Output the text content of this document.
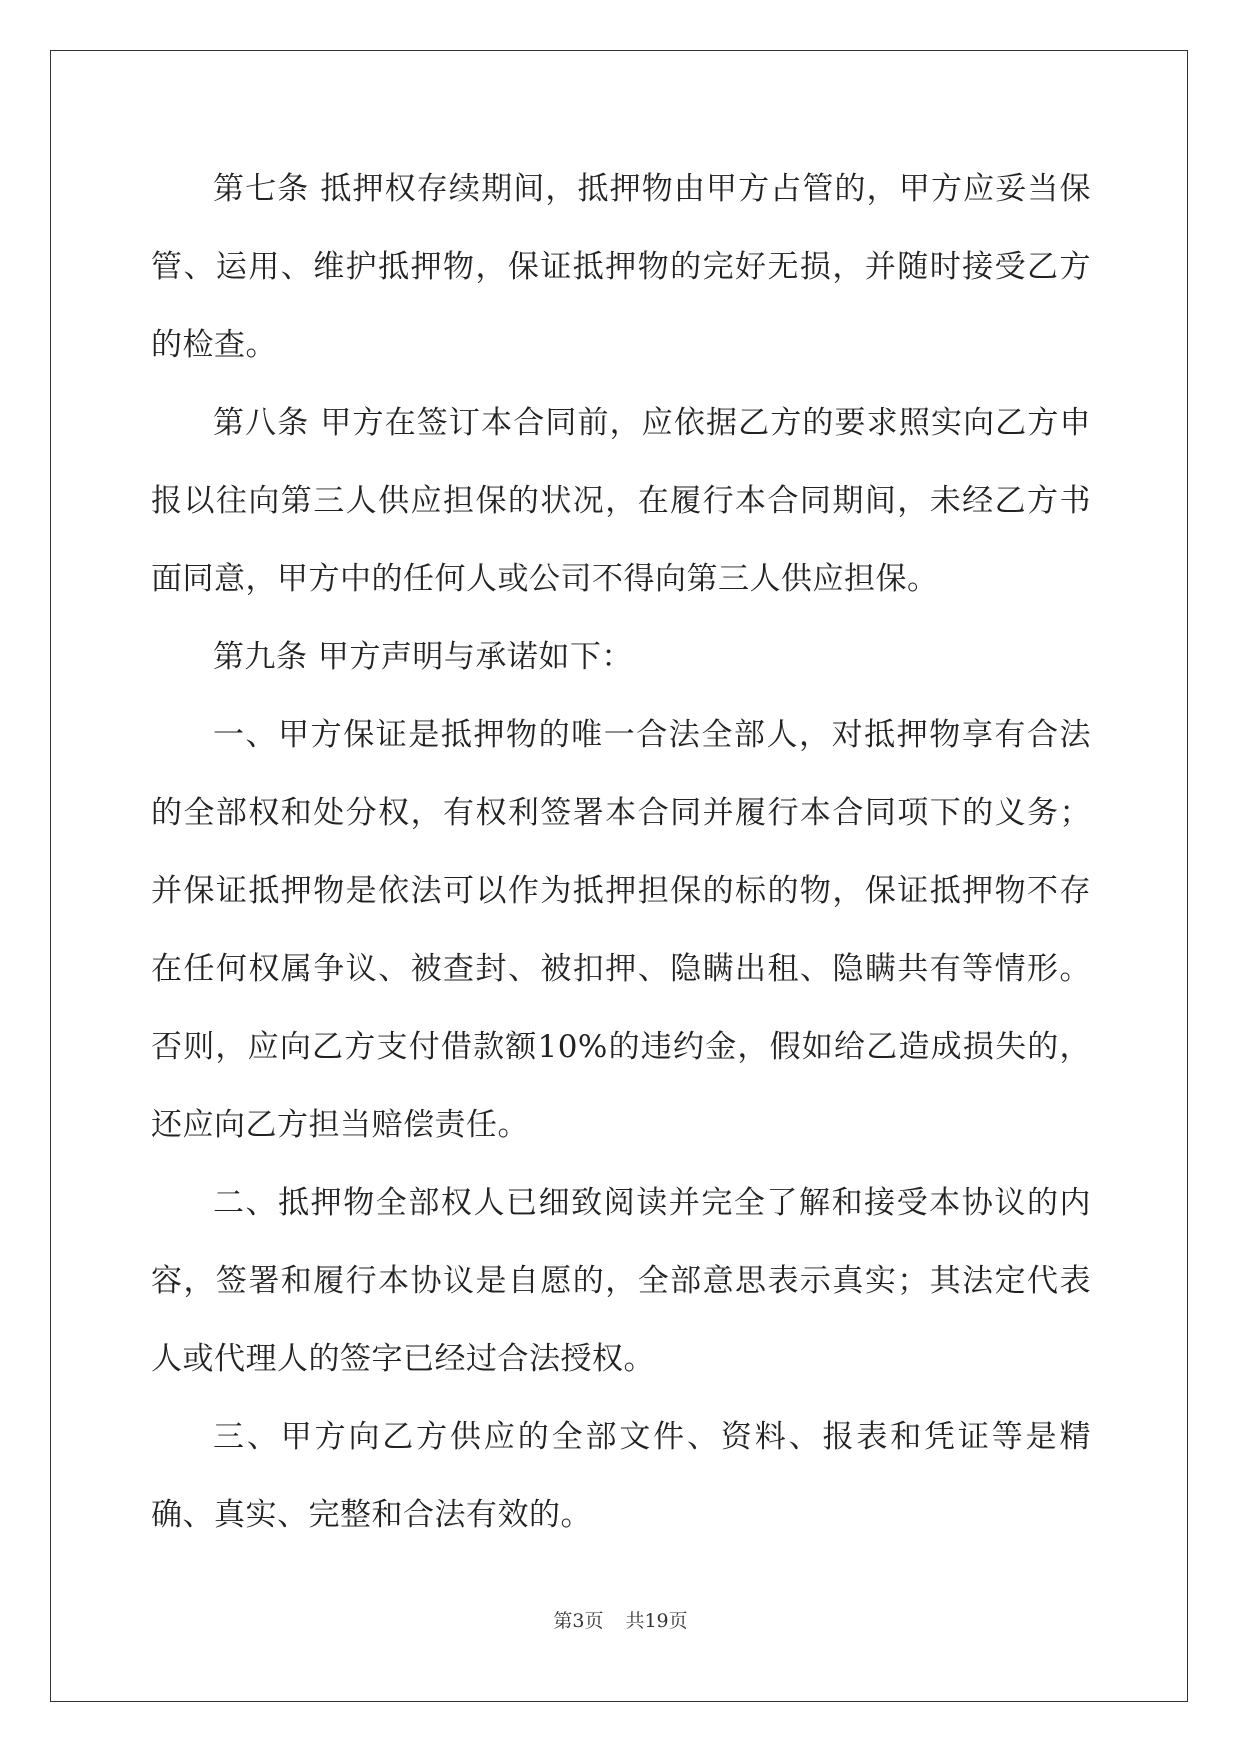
第七条 抵押权存续期间，抵押物由甲方占管的，甲方应妥当保管、运用、维护抵押物，保证抵押物的完好无损，并随时接受乙方的检查。

第八条 甲方在签订本合同前，应依据乙方的要求照实向乙方申报以往向第三人供应担保的状况，在履行本合同期间，未经乙方书面同意，甲方中的任何人或公司不得向第三人供应担保。

第九条 甲方声明与承诺如下：

一、甲方保证是抵押物的唯一合法全部人，对抵押物享有合法的全部权和处分权，有权利签署本合同并履行本合同项下的义务；并保证抵押物是依法可以作为抵押担保的标的物，保证抵押物不存在任何权属争议、被查封、被扣押、隐瞒出租、隐瞒共有等情形。否则，应向乙方支付借款额10%的违约金，假如给乙造成损失的，还应向乙方担当赔偿责任。

二、抵押物全部权人已细致阅读并完全了解和接受本协议的内容，签署和履行本协议是自愿的，全部意思表示真实；其法定代表人或代理人的签字已经过合法授权。

三、甲方向乙方供应的全部文件、资料、报表和凭证等是精确、真实、完整和合法有效的。

第3页 共19页
